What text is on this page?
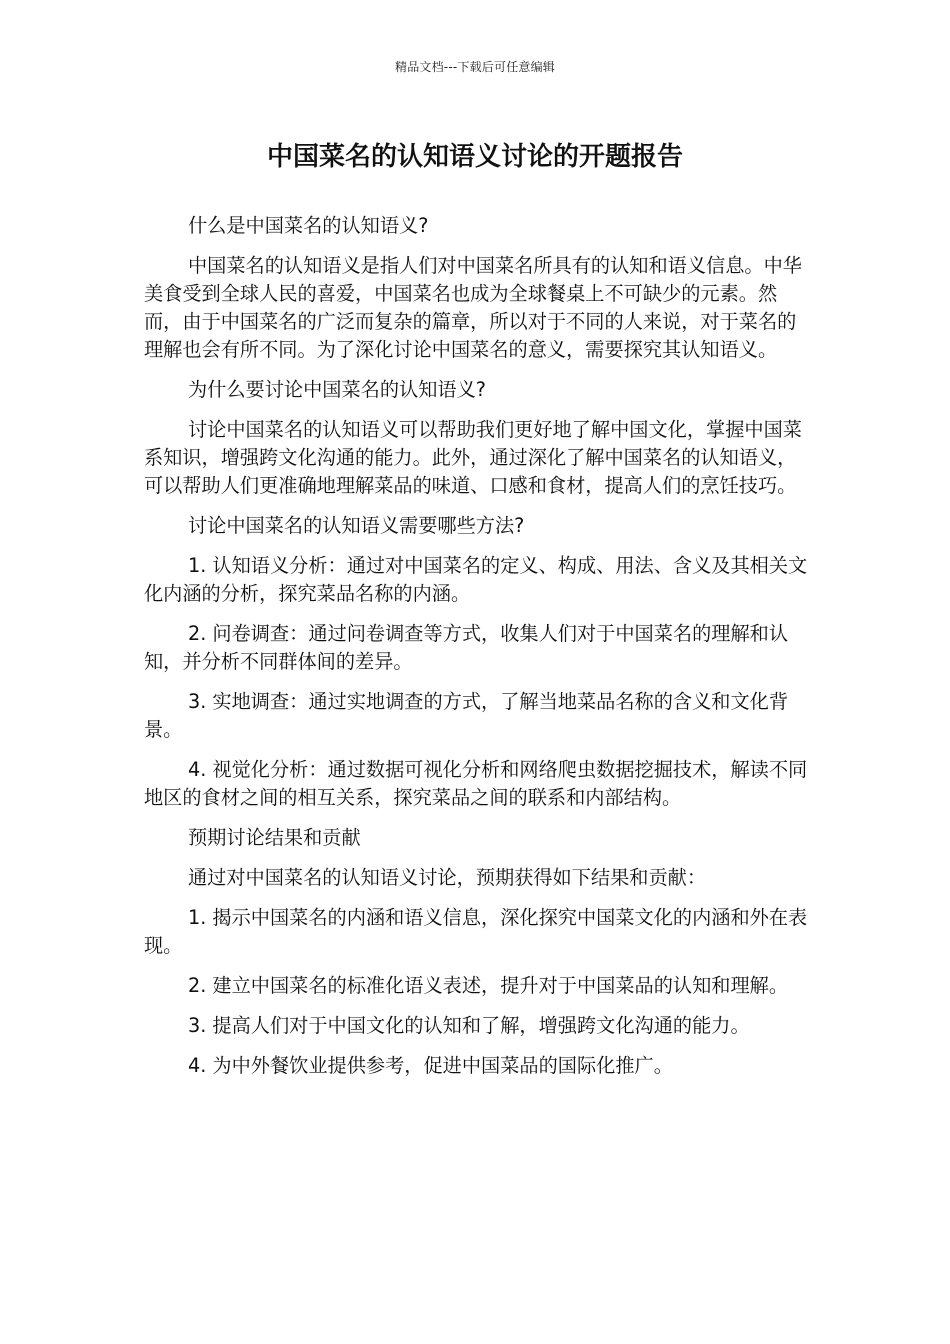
精品文档---下载后可任意编辑
中国菜名的认知语义讨论的开题报告

什么是中国菜名的认知语义?

中国菜名的认知语义是指人们对中国菜名所具有的认知和语义信息。中华美食受到全球人民的喜爱，中国菜名也成为全球餐桌上不可缺少的元素。然而，由于中国菜名的广泛而复杂的篇章，所以对于不同的人来说，对于菜名的理解也会有所不同。为了深化讨论中国菜名的意义，需要探究其认知语义。

为什么要讨论中国菜名的认知语义?

讨论中国菜名的认知语义可以帮助我们更好地了解中国文化，掌握中国菜系知识，增强跨文化沟通的能力。此外，通过深化了解中国菜名的认知语义，可以帮助人们更准确地理解菜品的味道、口感和食材，提高人们的烹饪技巧。

讨论中国菜名的认知语义需要哪些方法?

1. 认知语义分析：通过对中国菜名的定义、构成、用法、含义及其相关文化内涵的分析，探究菜品名称的内涵。

2. 问卷调查：通过问卷调查等方式，收集人们对于中国菜名的理解和认知，并分析不同群体间的差异。

3. 实地调查：通过实地调查的方式，了解当地菜品名称的含义和文化背景。

4. 视觉化分析：通过数据可视化分析和网络爬虫数据挖掘技术，解读不同地区的食材之间的相互关系，探究菜品之间的联系和内部结构。

预期讨论结果和贡献

通过对中国菜名的认知语义讨论，预期获得如下结果和贡献：

1. 揭示中国菜名的内涵和语义信息，深化探究中国菜文化的内涵和外在表现。

2. 建立中国菜名的标准化语义表述，提升对于中国菜品的认知和理解。

3. 提高人们对于中国文化的认知和了解，增强跨文化沟通的能力。

4. 为中外餐饮业提供参考，促进中国菜品的国际化推广。
